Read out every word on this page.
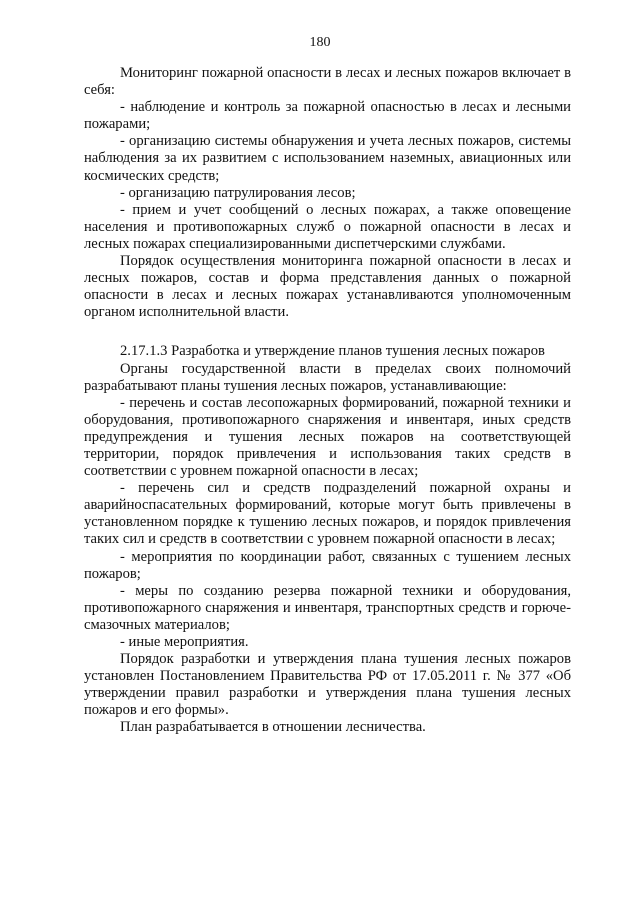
180

Мониторинг пожарной опасности в лесах и лесных пожаров включает в себя:

- наблюдение и контроль за пожарной опасностью в лесах и лесными пожарами;

- организацию системы обнаружения и учета лесных пожаров, системы наблюдения за их развитием с использованием наземных, авиационных или космических средств;

- организацию патрулирования лесов;

- прием и учет сообщений о лесных пожарах, а также оповещение населения и противопожарных служб о пожарной опасности в лесах и лесных пожарах специализированными диспетчерскими службами.

Порядок осуществления мониторинга пожарной опасности в лесах и лесных пожаров, состав и форма представления данных о пожарной опасности в лесах и лесных пожарах устанавливаются уполномоченным органом исполнительной власти.

2.17.1.3 Разработка и утверждение планов тушения лесных пожаров

Органы государственной власти в пределах своих полномочий разрабатывают планы тушения лесных пожаров, устанавливающие:

- перечень и состав лесопожарных формирований, пожарной техники и оборудования, противопожарного снаряжения и инвентаря, иных средств предупреждения и тушения лесных пожаров на соответствующей территории, порядок привлечения и использования таких средств в соответствии с уровнем пожарной опасности в лесах;

- перечень сил и средств подразделений пожарной охраны и аварийноспасательных формирований, которые могут быть привлечены в установленном порядке к тушению лесных пожаров, и порядок привлечения таких сил и средств в соответствии с уровнем пожарной опасности в лесах;

- мероприятия по координации работ, связанных с тушением лесных пожаров;

- меры по созданию резерва пожарной техники и оборудования, противопожарного снаряжения и инвентаря, транспортных средств и горюче-смазочных материалов;

- иные мероприятия.

Порядок разработки и утверждения плана тушения лесных пожаров установлен Постановлением Правительства РФ от 17.05.2011 г. № 377 «Об утверждении правил разработки и утверждения плана тушения лесных пожаров и его формы».

План разрабатывается в отношении лесничества.
